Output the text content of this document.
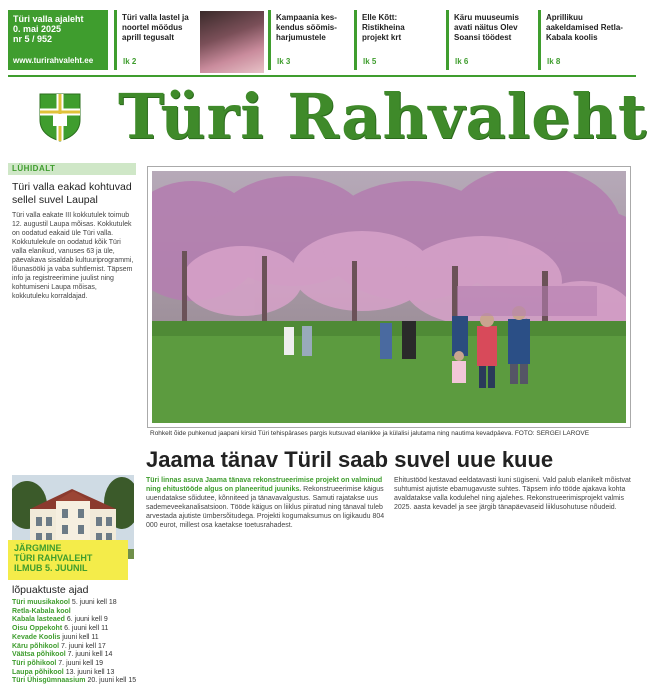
Türi valla ajaleht
0. mai 2025
nr 5 / 952
www.turirahvaleht.ee
Türi valla lastel ja noortel möödus aprill tegusalt
lk 2
Kampaania kes-kendus söömis-harjumustele
lk 3
Elle Kõtt: Ristikheina projekt krt
lk 5
Käru muuseumis avati näitus Olev Soansi töödest
lk 6
Aprillikuu aakeldamised Retla-Kabala koolis
lk 8
Türi Rahvaleht
LÜHIDALT
Türi valla eakad kohtuvad sellel suvel Laupal
Türi valla eakate III kokkutulek toimub 12. augustil Laupa mõisas. Kokkutulek on oodatud eakaid üle Türi valla. Kokkutulekule on oodatud kõik Türi valla elanikud, vanuses 63 ja üle, päevakava sisaldab kultuuriprogrammi, lõunasööki ja vaba suhtlemist. Täpsem info ja registreerimine juulist ning kohtumiseni Laupa mõisas, kokkutuleku korraldajad.
lõpuaktuste ajad
Türi muusikakool 5. juuni kell 18
Retla-Kabala kool
Kabala lasteaed 6. juuni kell 9
Oisu Oppekoht 6. juuni kell 11
Kevade Koolis juuni kell 11
Käru põhikool 7. juuni kell 17
Väätsa põhikool 7. juuni kell 14
Türi põhikool 7. juuni kell 19
Laupa põhikool 13. juuni kell 13
Türi Ühisgümnaasium 20. juuni kell 15
JÄRGMINE
TÜRI RAHVALEHT
ILMUB 5. JUUNIL
Rohkelt õide puhkenud jaapani kirsid Türi tehispärases pargis kutsuvad elanikke ja külalisi jalutama ning nautima kevadpäeva. FOTO: SERGEI LAROVE
Jaama tänav Türil saab suvel uue kuue
Türi linnas asuva Jaama tänava rekonstrueerimise projekt on valminud ning ehitustööde algus on planeeritud juuniks. Rekonstrueerimise käigus uuendatakse sõidutee, kõnniteed ja tänavavalgustus. Samuti rajatakse uus sademeveekanalisatsioon. Tööde käigus on liiklus piiratud ning tänaval tuleb arvestada ajutiste ümbersõitudega. Projekti kogumaksumus on ligikaudu 804 000 eurot, millest osa kaetakse toetusrahadest.
Ehitustööd kestavad eeldatavasti kuni sügiseni. Vald palub elanikelt mõistvat suhtumist ajutiste ebamugavuste suhtes. Täpsem info tööde ajakava kohta avaldatakse valla kodulehel ning ajalehes. Rekonstrueerimisprojekt valmis 2025. aasta kevadel ja see järgib tänapäevaseid liiklusohutuse nõudeid.
